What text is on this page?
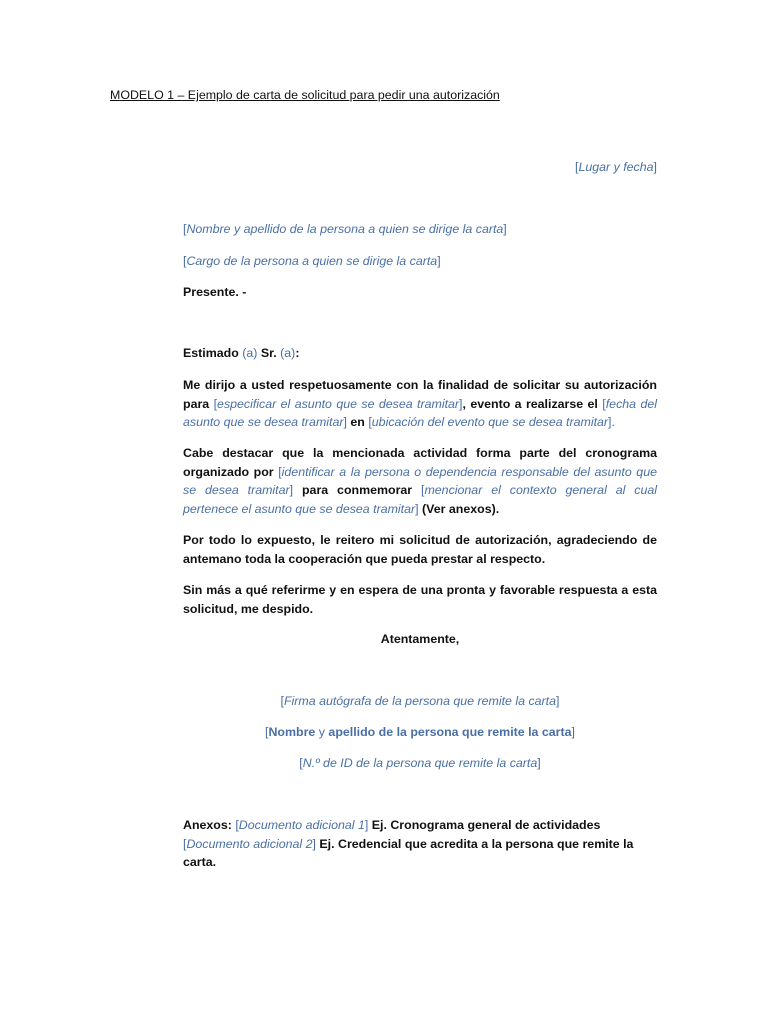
MODELO 1 – Ejemplo de carta de solicitud para pedir una autorización
[Lugar y fecha]
[Nombre y apellido de la persona a quien se dirige la carta]
[Cargo de la persona a quien se dirige la carta]
Presente. -
Estimado (a) Sr. (a):
Me dirijo a usted respetuosamente con la finalidad de solicitar su autorización para [especificar el asunto que se desea tramitar], evento a realizarse el [fecha del asunto que se desea tramitar] en [ubicación del evento que se desea tramitar].
Cabe destacar que la mencionada actividad forma parte del cronograma organizado por [identificar a la persona o dependencia responsable del asunto que se desea tramitar] para conmemorar [mencionar el contexto general al cual pertenece el asunto que se desea tramitar] (Ver anexos).
Por todo lo expuesto, le reitero mi solicitud de autorización, agradeciendo de antemano toda la cooperación que pueda prestar al respecto.
Sin más a qué referirme y en espera de una pronta y favorable respuesta a esta solicitud, me despido.
Atentamente,
[Firma autógrafa de la persona que remite la carta]
[Nombre y apellido de la persona que remite la carta]
[N.º de ID de la persona que remite la carta]
Anexos: [Documento adicional 1] Ej. Cronograma general de actividades
[Documento adicional 2] Ej. Credencial que acredita a la persona que remite la carta.
